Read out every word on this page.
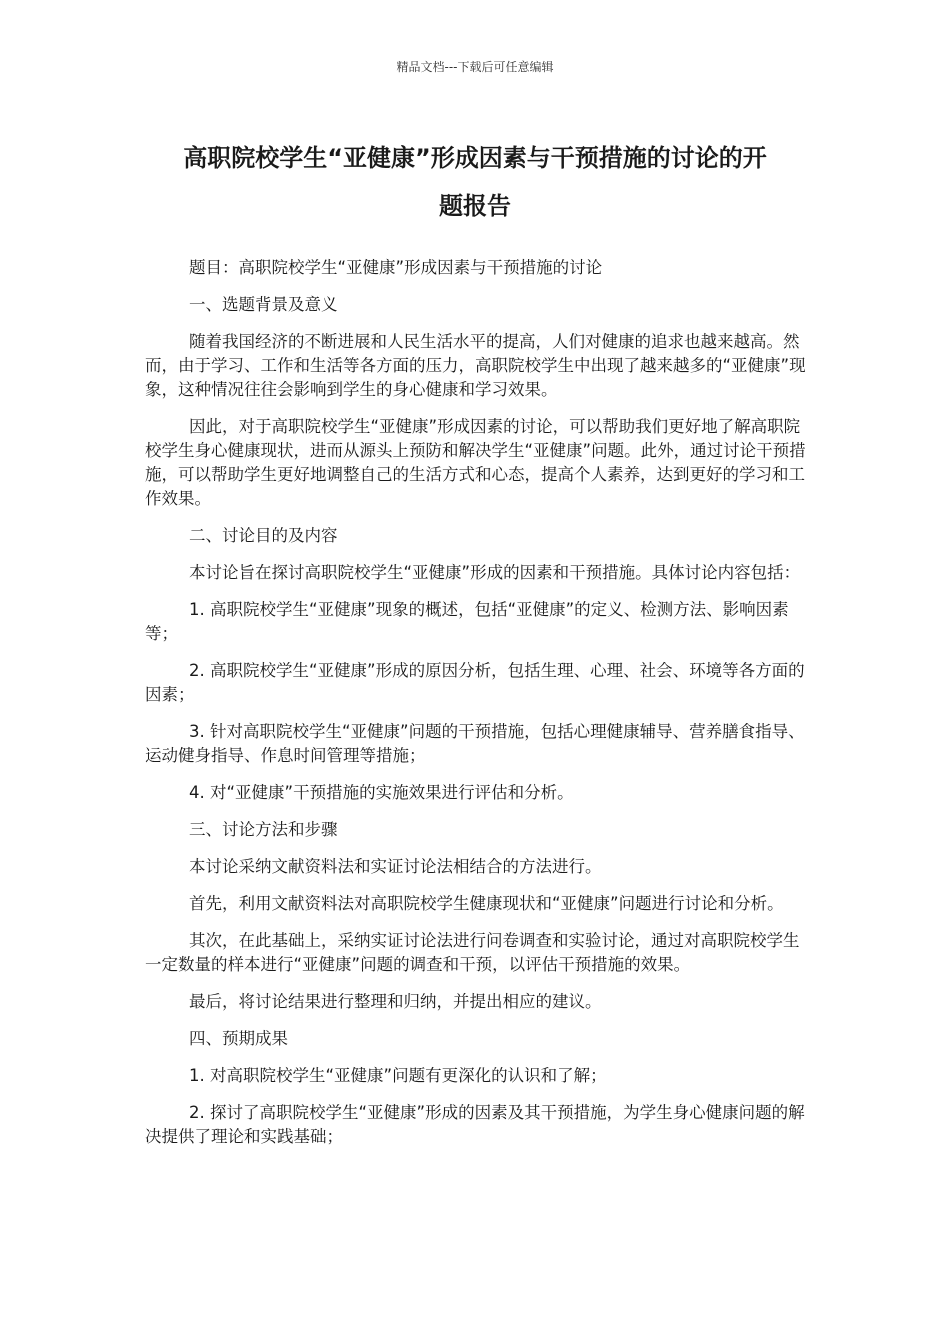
精品文档---下载后可任意编辑
高职院校学生“亚健康”形成因素与干预措施的讨论的开
题报告

题目：高职院校学生“亚健康”形成因素与干预措施的讨论

一、选题背景及意义

随着我国经济的不断进展和人民生活水平的提高，人们对健康的追求也越来越高。然而，由于学习、工作和生活等各方面的压力，高职院校学生中出现了越来越多的“亚健康”现象，这种情况往往会影响到学生的身心健康和学习效果。

因此，对于高职院校学生“亚健康”形成因素的讨论，可以帮助我们更好地了解高职院校学生身心健康现状，进而从源头上预防和解决学生“亚健康”问题。此外，通过讨论干预措施，可以帮助学生更好地调整自己的生活方式和心态，提高个人素养，达到更好的学习和工作效果。

二、讨论目的及内容

本讨论旨在探讨高职院校学生“亚健康”形成的因素和干预措施。具体讨论内容包括：

1. 高职院校学生“亚健康”现象的概述，包括“亚健康”的定义、检测方法、影响因素等；

2. 高职院校学生“亚健康”形成的原因分析，包括生理、心理、社会、环境等各方面的因素；

3. 针对高职院校学生“亚健康”问题的干预措施，包括心理健康辅导、营养膳食指导、运动健身指导、作息时间管理等措施；

4. 对“亚健康”干预措施的实施效果进行评估和分析。

三、讨论方法和步骤

本讨论采纳文献资料法和实证讨论法相结合的方法进行。

首先，利用文献资料法对高职院校学生健康现状和“亚健康”问题进行讨论和分析。

其次，在此基础上，采纳实证讨论法进行问卷调查和实验讨论，通过对高职院校学生一定数量的样本进行“亚健康”问题的调查和干预，以评估干预措施的效果。

最后，将讨论结果进行整理和归纳，并提出相应的建议。

四、预期成果

1. 对高职院校学生“亚健康”问题有更深化的认识和了解；

2. 探讨了高职院校学生“亚健康”形成的因素及其干预措施，为学生身心健康问题的解决提供了理论和实践基础；
